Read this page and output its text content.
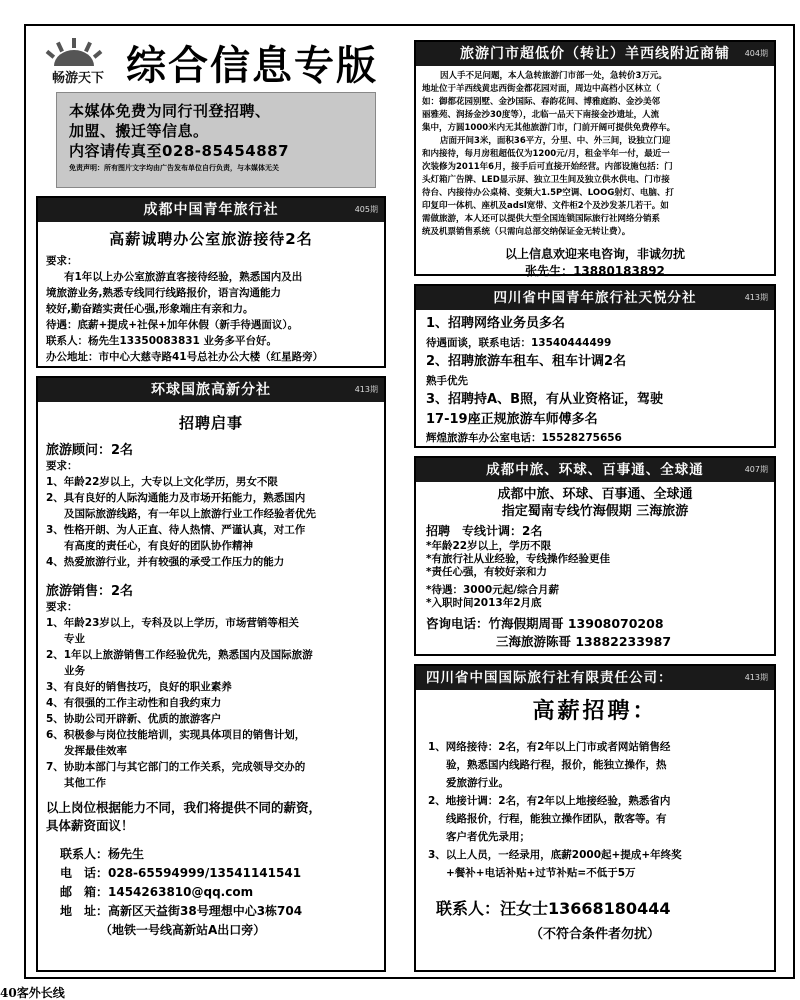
畅游天下 综合信息专版
本媒体免费为同行刊登招聘、
加盟、搬迁等信息。
内容请传真至028-85454887
免责声明：所有图片文字均由广告发布单位自行负责，与本媒体无关
成都中国青年旅行社	405期
高薪诚聘办公室旅游接待2名
要求：
有1年以上办公室旅游直客接待经验，熟悉国内及出
境旅游业务,熟悉专线同行线路报价，语言沟通能力
较好,勤奋踏实责任心强,形象端庄有亲和力。
待遇：底薪+提成+社保+加年休假（新手待遇面议）。
联系人：杨先生13350083831 业务多平台好。
办公地址：市中心大慈寺路41号总社办公大楼（红星路旁）
环球国旅高新分社	413期
招聘启事
旅游顾问：2名
要求：
1、年龄22岁以上，大专以上文化学历，男女不限
2、具有良好的人际沟通能力及市场开拓能力，熟悉国内
及国际旅游线路，有一年以上旅游行业工作经验者优先
3、性格开朗、为人正直、待人热情、严谨认真，对工作
有高度的责任心，有良好的团队协作精神
4、热爱旅游行业，并有较强的承受工作压力的能力
旅游销售：2名
要求：
1、年龄23岁以上，专科及以上学历，市场营销等相关
专业
2、1年以上旅游销售工作经验优先，熟悉国内及国际旅游
业务
3、有良好的销售技巧，良好的职业素养
4、有很强的工作主动性和自我约束力
5、协助公司开辟新、优质的旅游客户
6、积极参与岗位技能培训，实现具体项目的销售计划，
发挥最佳效率
7、协助本部门与其它部门的工作关系，完成领导交办的
其他工作
以上岗位根据能力不同，我们将提供不同的薪资，
具体薪资面议！
联系人：杨先生
电　话：028-65594999/13541141541
邮　箱：1454263810@qq.com
地　址：高新区天益街38号理想中心3栋704
（地铁一号线高新站A出口旁）
旅游门市超低价（转让）羊西线附近商铺 404期
因人手不足问题，本人急转旅游门市部一处，急转价3万元。
地址位于羊西线黄忠西街金都花园对面，周边中高档小区林立（
如：御都花园别墅、金沙国际、春韵花间、博雅庭韵、金沙美邻
丽雅苑、润扬金沙30度等），北临一品天下南接金沙遗址，人流
集中，方圆1000米内无其他旅游门市，门前开阔可提供免费停车。
店面开间3米，面积36平方，分里、中、外三间，设独立门迎
和内接待，每月房租超低仅为1200元/月，租金半年一付，最近一
次装修为2011年6月，接手后可直接开始经营。内部设施包括：门
头灯箱广告牌、LED显示屏、独立卫生间及独立供水供电、门市接
待台、内接待办公桌椅、变频大1.5P空调、LOOG射灯、电脑、打
印复印一体机、座机及adsl宽带、文件柜2个及沙发茶几若干。如
需做旅游，本人还可以提供大型全国连锁国际旅行社网络分销系
统及机票销售系统（只需向总部交纳保证金无转让费）。
以上信息欢迎来电咨询，非诚勿扰
张先生：13880183892
四川省中国青年旅行社天悦分社	413期
1、招聘网络业务员多名
待遇面谈，联系电话：13540444499
2、招聘旅游车租车、租车计调2名
熟手优先
3、招聘持A、B照，有从业资格证，驾驶
17-19座正规旅游车师傅多名
辉煌旅游车办公室电话：15528275656
成都中旅、环球、百事通、全球通	407期
成都中旅、环球、百事通、全球通
指定蜀南专线竹海假期 三海旅游
招聘　专线计调：2名
*年龄22岁以上，学历不限
*有旅行社从业经验，专线操作经验更佳
*责任心强，有较好亲和力
*待遇：3000元起/综合月薪
*入职时间2013年2月底
咨询电话：竹海假期周哥 13908070208
三海旅游陈哥 13882233987
四川省中国国际旅行社有限责任公司：	413期
高薪招聘：
1、网络接待：2名，有2年以上门市或者网站销售经
验，熟悉国内线路行程，报价，能独立操作，热
爱旅游行业。
2、地接计调：2名，有2年以上地接经验，熟悉省内
线路报价，行程，能独立操作团队，散客等。有
客户者优先录用；
3、以上人员，一经录用，底薪2000起+提成+年终奖
+餐补+电话补贴+过节补贴=不低于5万
联系人：汪女士13668180444
（不符合条件者勿扰）
40客外长线
